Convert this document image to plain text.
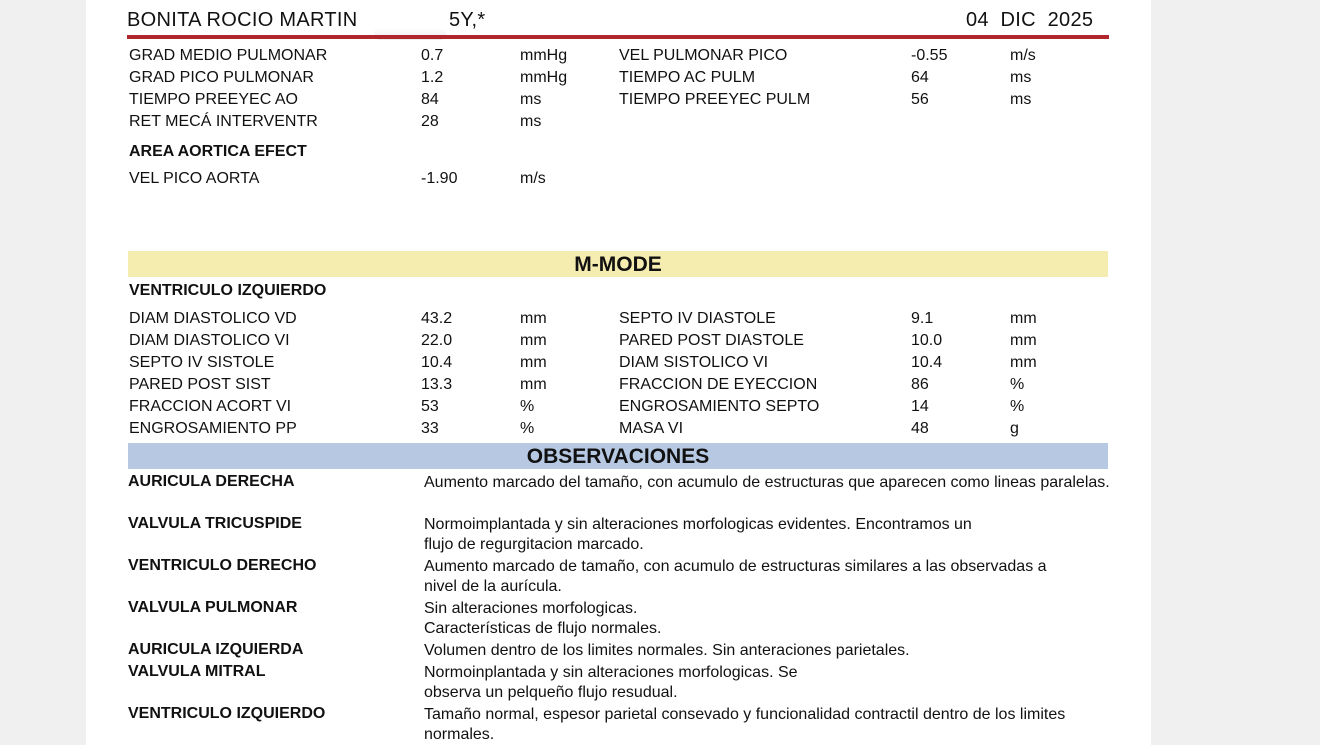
BONITA ROCIO MARTIN	5Y,*	04  DIC  2025
GRAD MEDIO PULMONAR	0.7	mmHg	VEL PULMONAR PICO	-0.55	m/s
GRAD PICO PULMONAR	1.2	mmHg	TIEMPO AC PULM	64	ms
TIEMPO PREEYEC AO	84	ms	TIEMPO PREEYEC PULM	56	ms
RET MECÁ INTERVENTR	28	ms
AREA AORTICA EFECT
VEL PICO AORTA	-1.90	m/s
M-MODE
VENTRICULO IZQUIERDO
DIAM DIASTOLICO VD	43.2	mm	SEPTO IV DIASTOLE	9.1	mm
DIAM DIASTOLICO VI	22.0	mm	PARED POST DIASTOLE	10.0	mm
SEPTO IV SISTOLE	10.4	mm	DIAM SISTOLICO VI	10.4	mm
PARED POST SIST	13.3	mm	FRACCION DE EYECCION	86	%
FRACCION ACORT VI	53	%	ENGROSAMIENTO SEPTO	14	%
ENGROSAMIENTO PP	33	%	MASA VI	48	g
OBSERVACIONES
AURICULA DERECHA	Aumento marcado del tamaño, con acumulo de estructuras que aparecen como lineas paralelas.
VALVULA TRICUSPIDE	Normoimplantada y sin alteraciones morfologicas evidentes. Encontramos un flujo de regurgitacion marcado.
VENTRICULO DERECHO	Aumento marcado de tamaño, con acumulo de estructuras similares a las observadas a nivel de la aurícula.
VALVULA PULMONAR	Sin alteraciones morfologicas. Características de flujo normales.
AURICULA IZQUIERDA	Volumen dentro de los limites normales. Sin anteraciones parietales.
VALVULA MITRAL	Normoinplantada y sin alteraciones morfologicas. Se observa un pelqueño flujo resudual.
VENTRICULO IZQUIERDO	Tamaño normal, espesor parietal consevado y funcionalidad contractil dentro de los limites normales.
